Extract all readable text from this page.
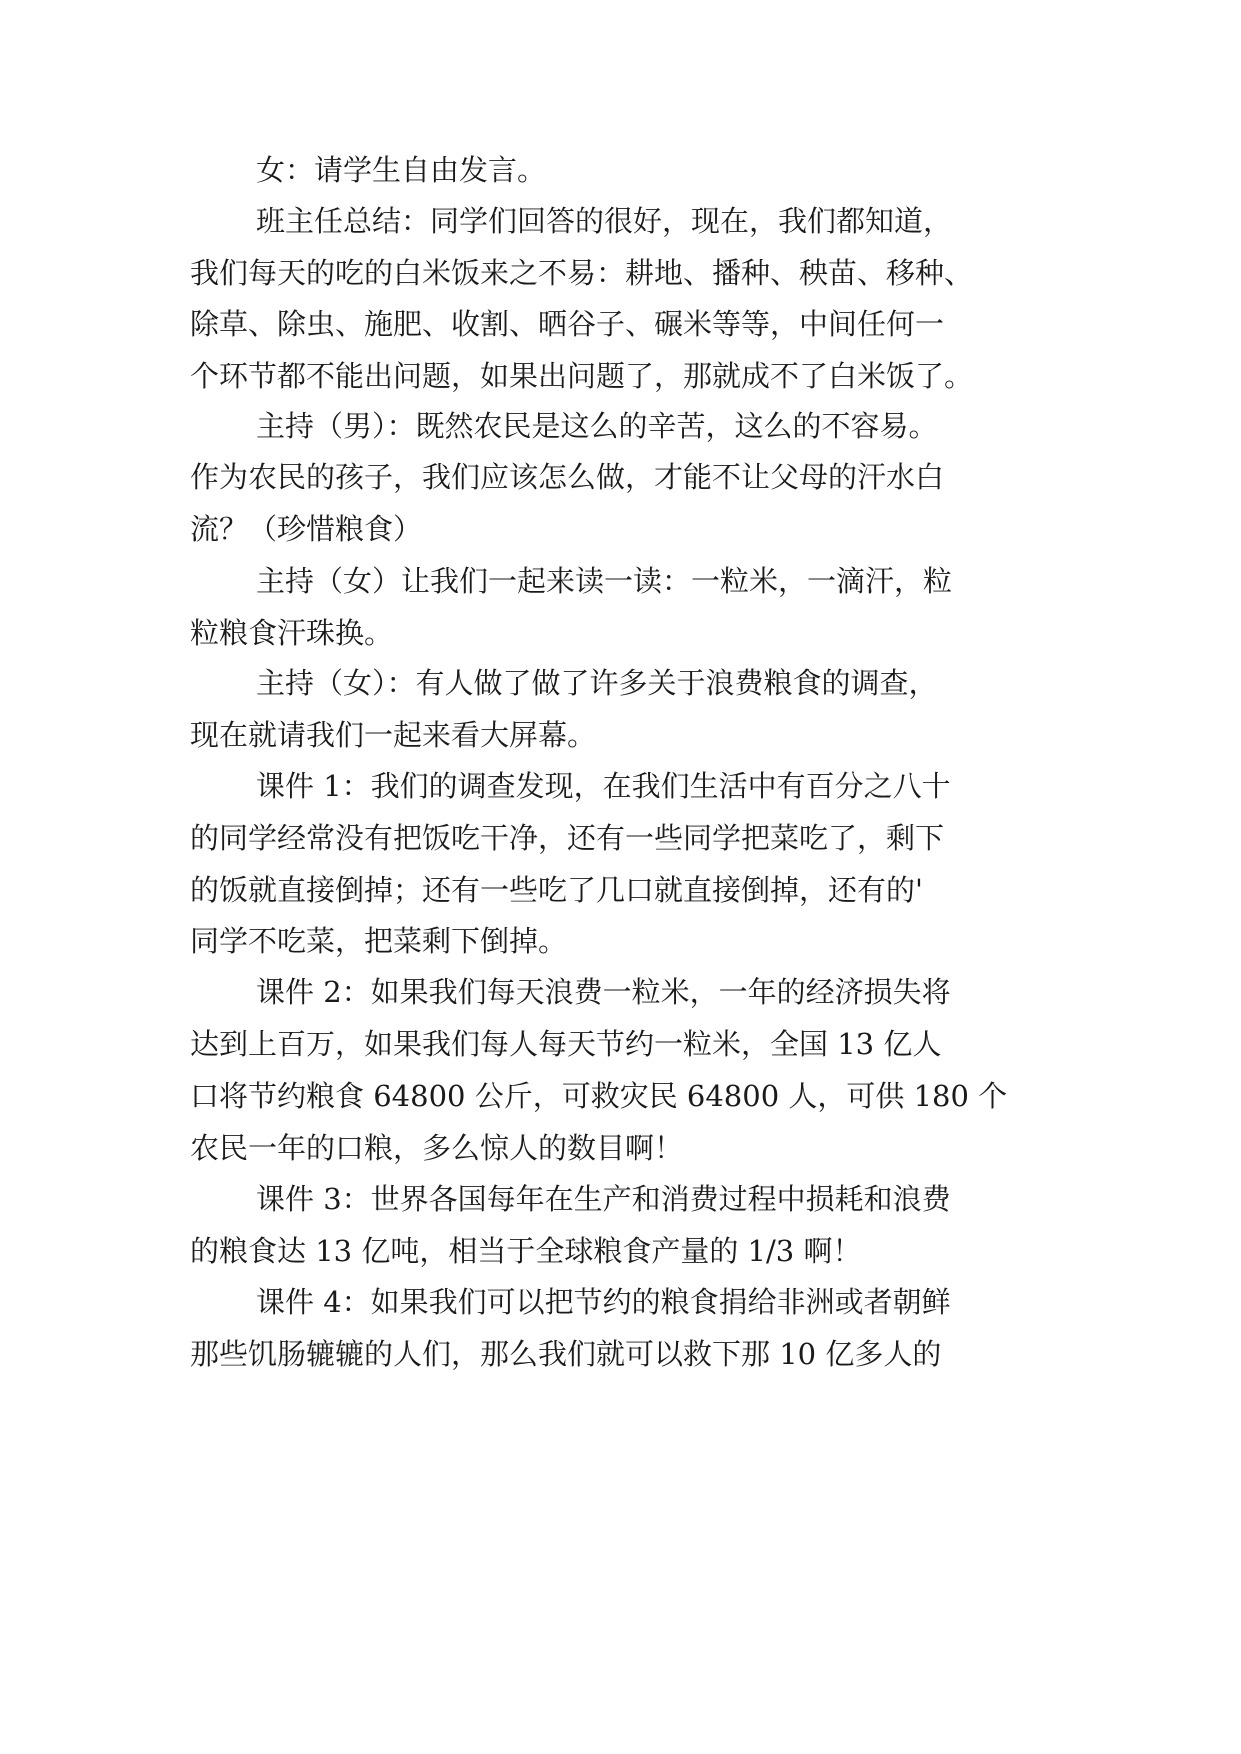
女：请学生自由发言。
班主任总结：同学们回答的很好，现在，我们都知道，
我们每天的吃的白米饭来之不易：耕地、播种、秧苗、移种、
除草、除虫、施肥、收割、晒谷子、碾米等等，中间任何一
个环节都不能出问题，如果出问题了，那就成不了白米饭了。
主持（男）：既然农民是这么的辛苦，这么的不容易。
作为农民的孩子，我们应该怎么做，才能不让父母的汗水白
流？（珍惜粮食）
主持（女）让我们一起来读一读：一粒米，一滴汗，粒
粒粮食汗珠换。
主持（女）：有人做了做了许多关于浪费粮食的调查，
现在就请我们一起来看大屏幕。
课件 1：我们的调查发现，在我们生活中有百分之八十
的同学经常没有把饭吃干净，还有一些同学把菜吃了，剩下
的饭就直接倒掉；还有一些吃了几口就直接倒掉，还有的'
同学不吃菜，把菜剩下倒掉。
课件 2：如果我们每天浪费一粒米，一年的经济损失将
达到上百万，如果我们每人每天节约一粒米，全国 13 亿人
口将节约粮食 64800 公斤，可救灾民 64800 人，可供 180 个
农民一年的口粮，多么惊人的数目啊！
课件 3：世界各国每年在生产和消费过程中损耗和浪费
的粮食达 13 亿吨，相当于全球粮食产量的 1/3 啊！
课件 4：如果我们可以把节约的粮食捐给非洲或者朝鲜
那些饥肠辘辘的人们，那么我们就可以救下那 10 亿多人的
